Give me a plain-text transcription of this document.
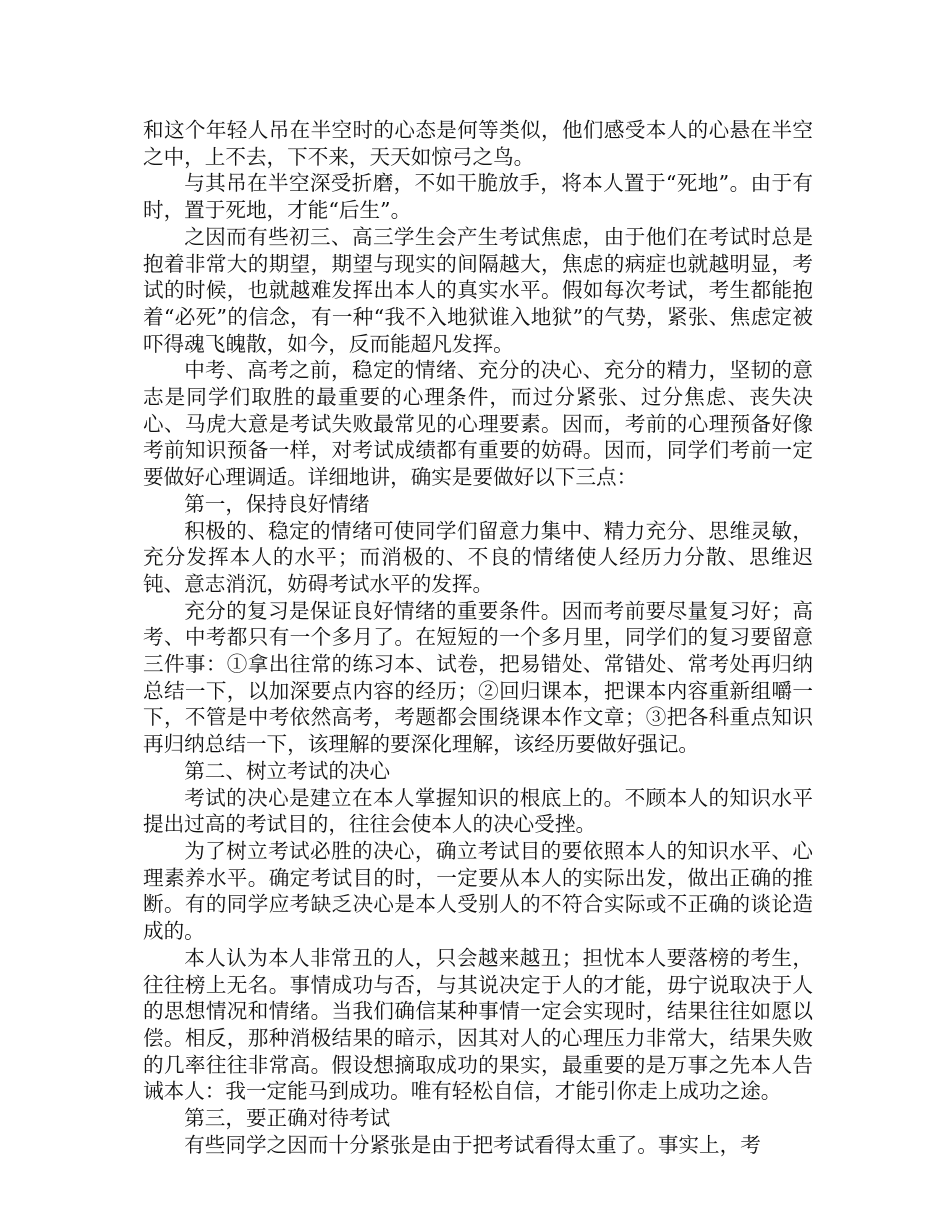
和这个年轻人吊在半空时的心态是何等类似，他们感受本人的心悬在半空之中，上不去，下不来，天天如惊弓之鸟。

与其吊在半空深受折磨，不如干脆放手，将本人置于“死地”。由于有时，置于死地，才能“后生”。

之因而有些初三、高三学生会产生考试焦虑，由于他们在考试时总是抱着非常大的期望，期望与现实的间隔越大，焦虑的病症也就越明显，考试的时候，也就越难发挥出本人的真实水平。假如每次考试，考生都能抱着“必死”的信念，有一种“我不入地狱谁入地狱”的气势，紧张、焦虑定被吓得魂飞魄散，如今，反而能超凡发挥。

中考、高考之前，稳定的情绪、充分的决心、充分的精力，坚韧的意志是同学们取胜的最重要的心理条件，而过分紧张、过分焦虑、丧失决心、马虎大意是考试失败最常见的心理要素。因而，考前的心理预备好像考前知识预备一样，对考试成绩都有重要的妨碍。因而，同学们考前一定要做好心理调适。详细地讲，确实是要做好以下三点：

第一，保持良好情绪

积极的、稳定的情绪可使同学们留意力集中、精力充分、思维灵敏，充分发挥本人的水平；而消极的、不良的情绪使人经历力分散、思维迟钝、意志消沉，妨碍考试水平的发挥。

充分的复习是保证良好情绪的重要条件。因而考前要尽量复习好；高考、中考都只有一个多月了。在短短的一个多月里，同学们的复习要留意三件事：①拿出往常的练习本、试卷，把易错处、常错处、常考处再归纳总结一下，以加深要点内容的经历；②回归课本，把课本内容重新组嚼一下，不管是中考依然高考，考题都会围绕课本作文章；③把各科重点知识再归纳总结一下，该理解的要深化理解，该经历要做好强记。

第二、树立考试的决心

考试的决心是建立在本人掌握知识的根底上的。不顾本人的知识水平提出过高的考试目的，往往会使本人的决心受挫。

为了树立考试必胜的决心，确立考试目的要依照本人的知识水平、心理素养水平。确定考试目的时，一定要从本人的实际出发，做出正确的推断。有的同学应考缺乏决心是本人受别人的不符合实际或不正确的谈论造成的。

本人认为本人非常丑的人，只会越来越丑；担忧本人要落榜的考生，往往榜上无名。事情成功与否，与其说决定于人的才能，毋宁说取决于人的思想情况和情绪。当我们确信某种事情一定会实现时，结果往往如愿以偿。相反，那种消极结果的暗示，因其对人的心理压力非常大，结果失败的几率往往非常高。假设想摘取成功的果实，最重要的是万事之先本人告诫本人：我一定能马到成功。唯有轻松自信，才能引你走上成功之途。

第三，要正确对待考试

有些同学之因而十分紧张是由于把考试看得太重了。事实上，考
